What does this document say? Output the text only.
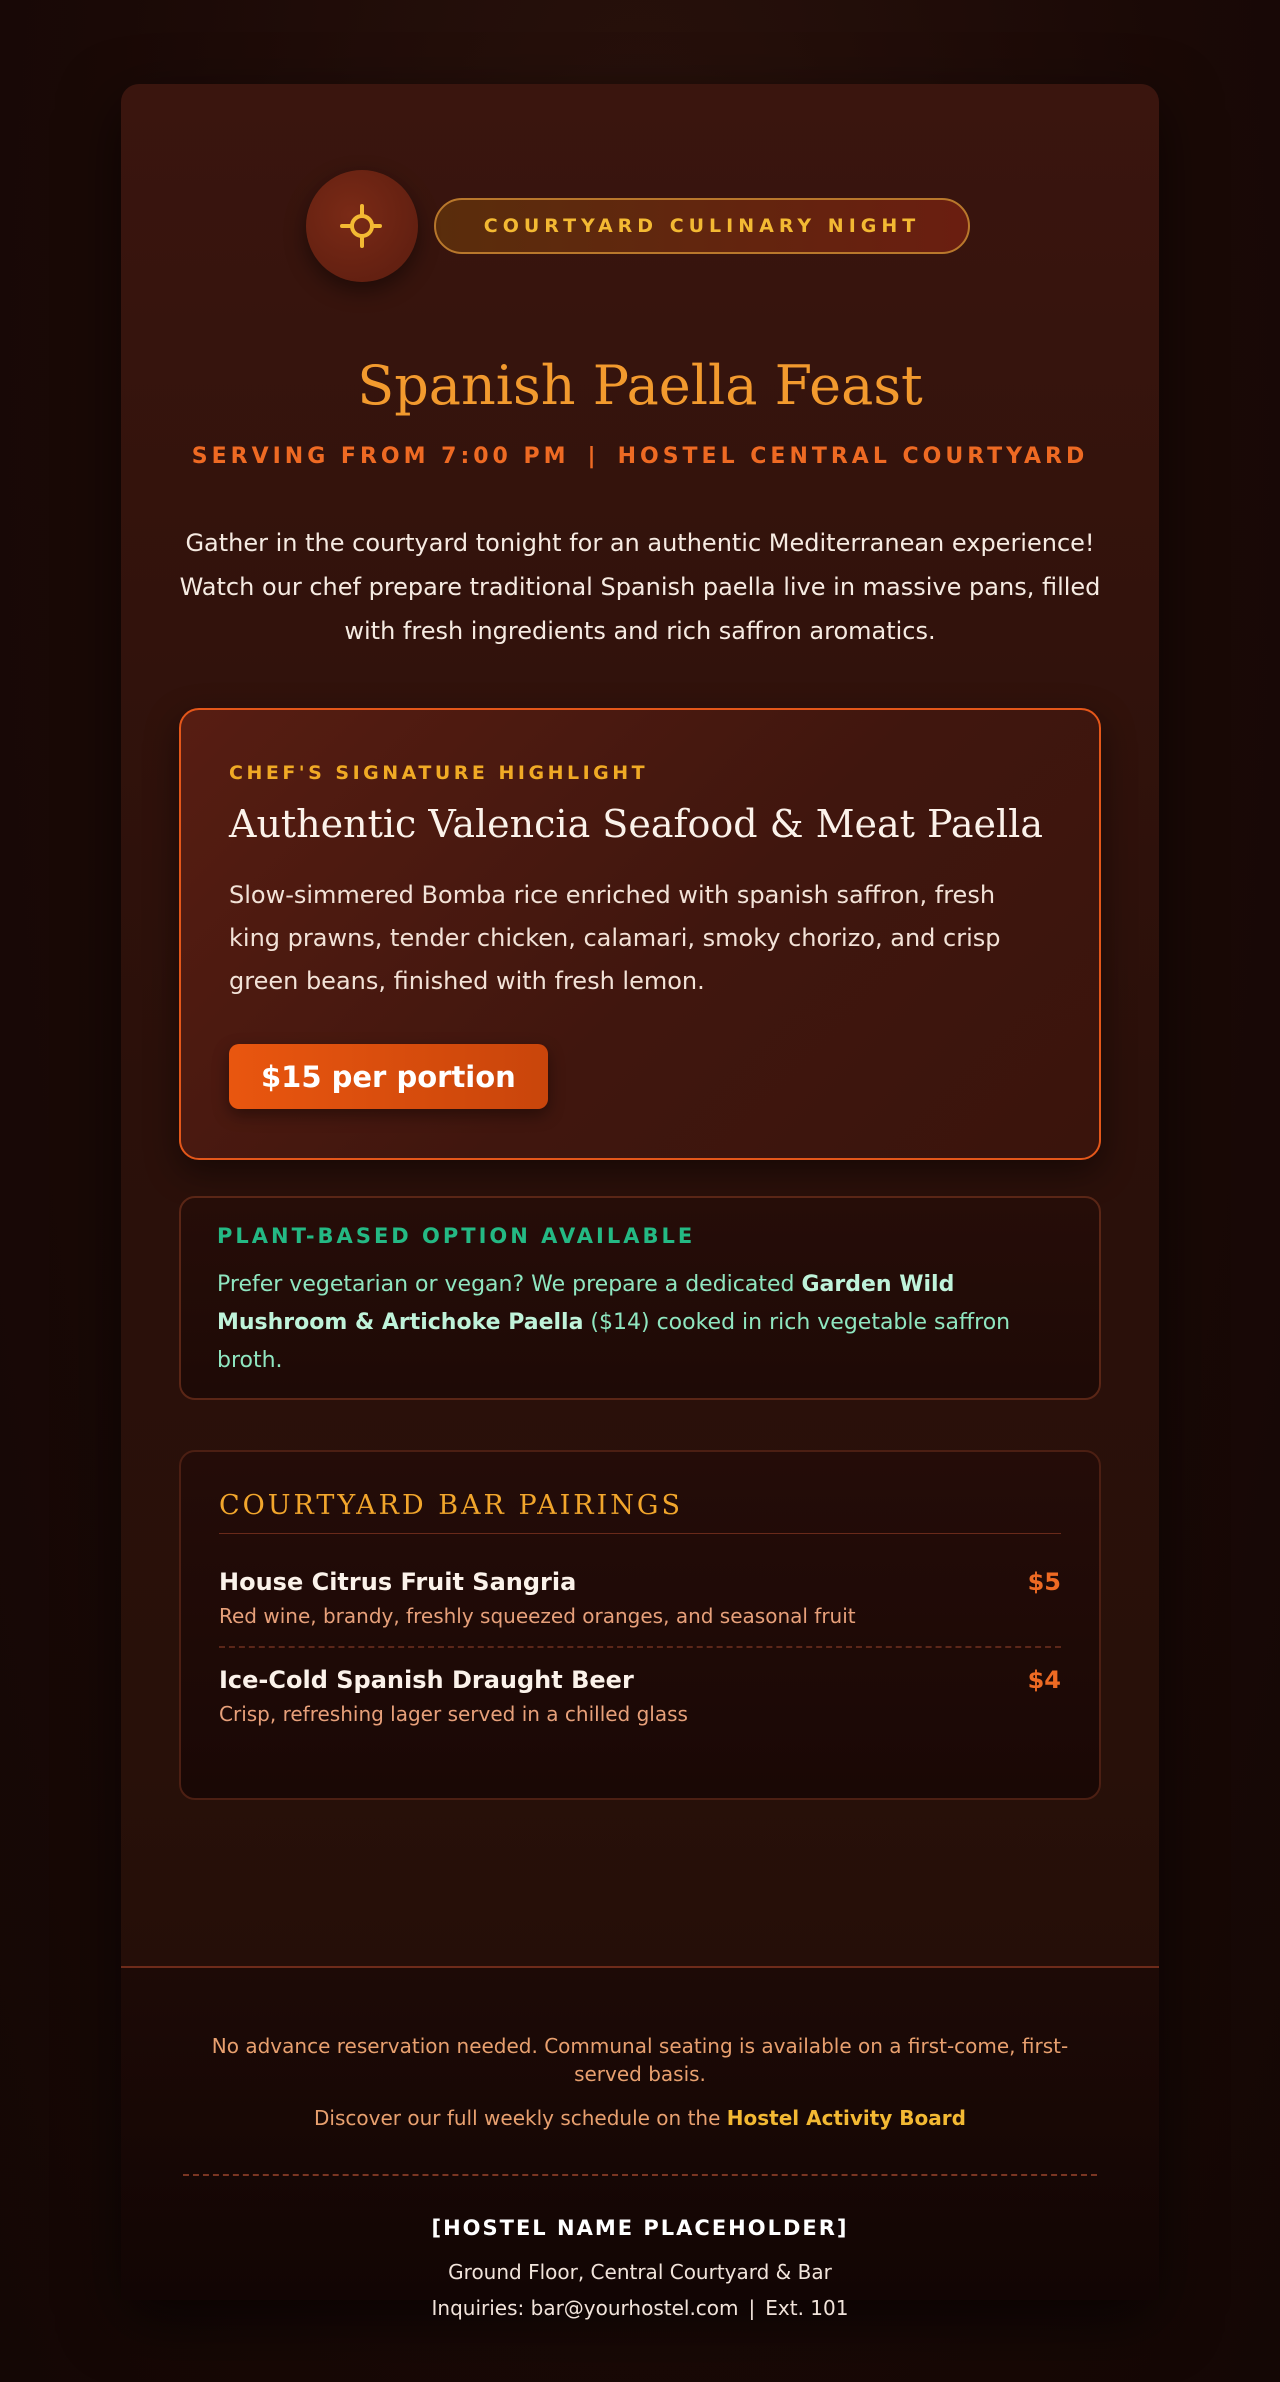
COURTYARD CULINARY NIGHT
Spanish Paella Feast
SERVING FROM 7:00 PM | HOSTEL CENTRAL COURTYARD

Gather in the courtyard tonight for an authentic Mediterranean experience! Watch our chef prepare traditional Spanish paella live in massive pans, filled with fresh ingredients and rich saffron aromatics.

CHEF'S SIGNATURE HIGHLIGHT
Authentic Valencia Seafood & Meat Paella

Slow-simmered Bomba rice enriched with spanish saffron, fresh king prawns, tender chicken, calamari, smoky chorizo, and crisp green beans, finished with fresh lemon.

$15 per portion
PLANT-BASED OPTION AVAILABLE

Prefer vegetarian or vegan? We prepare a dedicated Garden Wild Mushroom & Artichoke Paella ($14) cooked in rich vegetable saffron broth.

No advance reservation needed. Communal seating is available on a first-come, first-served basis.

Discover our full weekly schedule on the Hostel Activity Board

[HOSTEL NAME PLACEHOLDER]
Ground Floor, Central Courtyard & Bar
Inquiries: bar@yourhostel.com | Ext. 101
COURTYARD BAR PAIRINGS
House Citrus Fruit Sangria	$5
Red wine, brandy, freshly squeezed oranges, and seasonal fruit
Ice-Cold Spanish Draught Beer	$4
Crisp, refreshing lager served in a chilled glass
